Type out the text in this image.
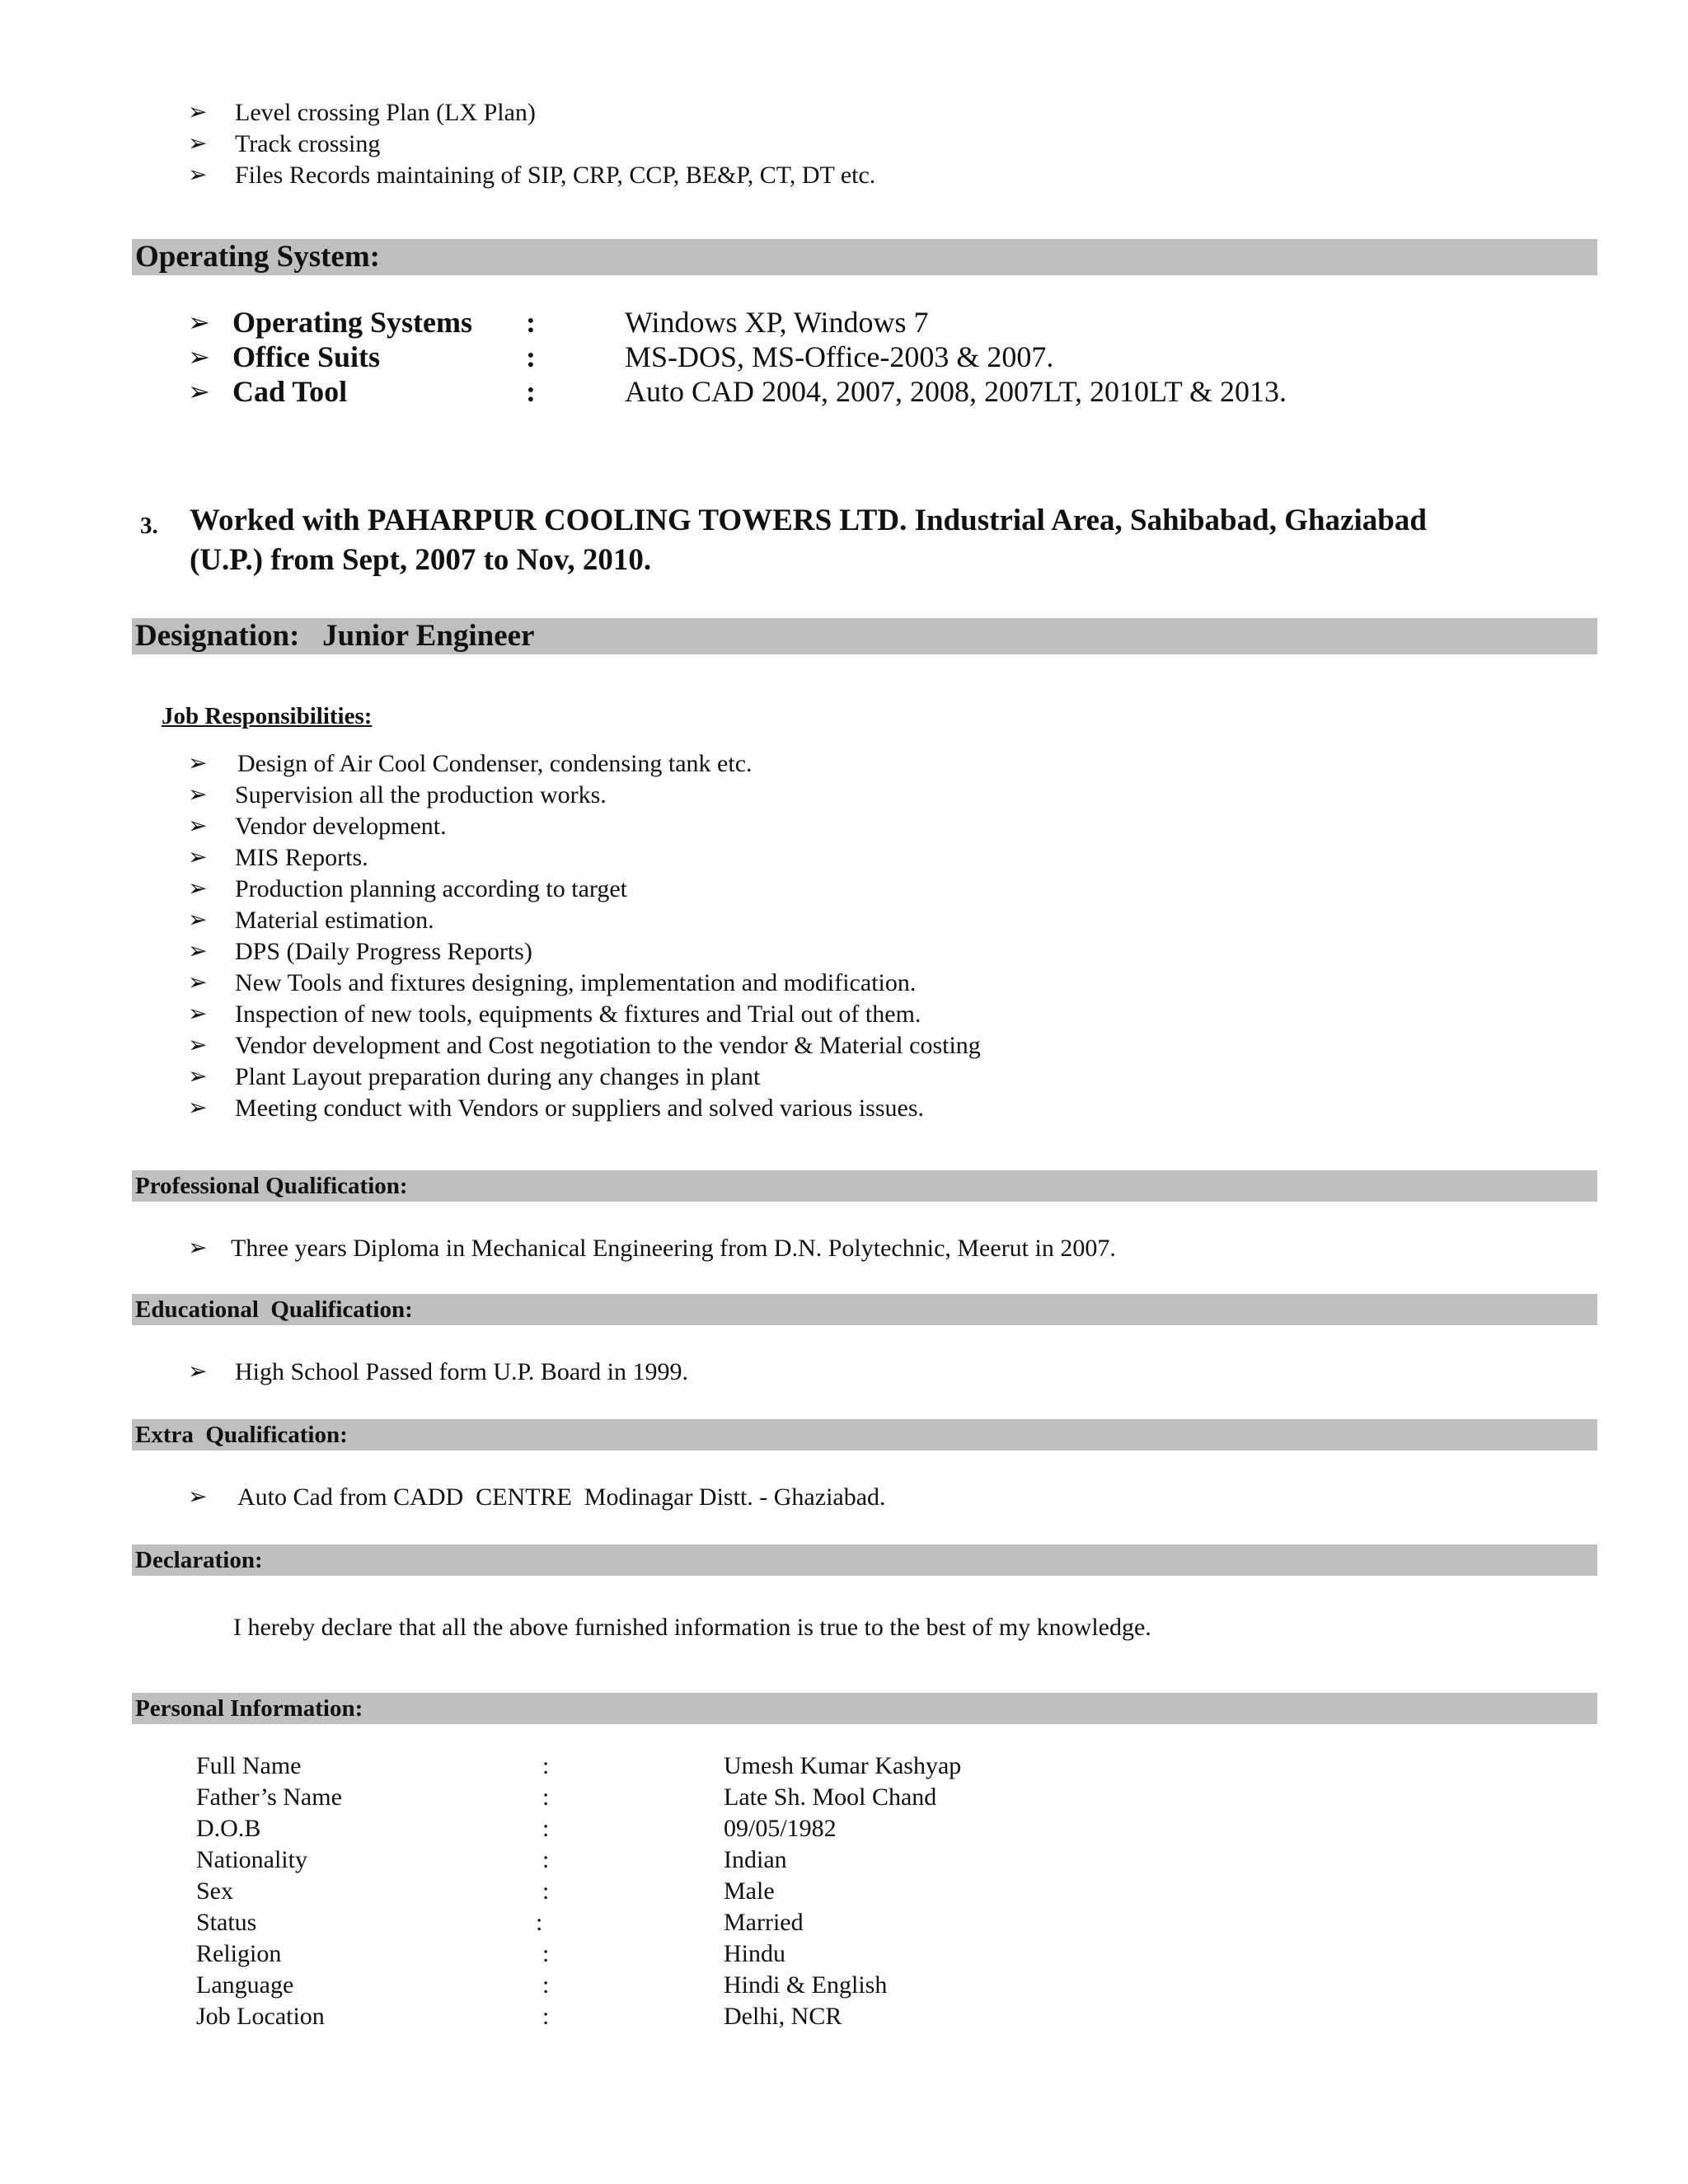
➢ Level crossing Plan (LX Plan)
➢ Track crossing
➢ Files Records maintaining of SIP, CRP, CCP, BE&P, CT, DT etc.
Operating System:
➢ Operating Systems :	Windows XP, Windows 7
➢ Office Suits	:	MS-DOS, MS-Office-2003 & 2007.
➢ Cad Tool	:	Auto CAD 2004, 2007, 2008, 2007LT, 2010LT & 2013.
3. Worked with PAHARPUR COOLING TOWERS LTD. Industrial Area, Sahibabad, Ghaziabad
(U.P.) from Sept, 2007 to Nov, 2010.
Designation:   Junior Engineer
Job Responsibilities:
➢ Design of Air Cool Condenser, condensing tank etc.
➢ Supervision all the production works.
➢ Vendor development.
➢ MIS Reports.
➢ Production planning according to target
➢ Material estimation.
➢ DPS (Daily Progress Reports)
➢ New Tools and fixtures designing, implementation and modification.
➢ Inspection of new tools, equipments & fixtures and Trial out of them.
➢ Vendor development and Cost negotiation to the vendor & Material costing
➢ Plant Layout preparation during any changes in plant
➢ Meeting conduct with Vendors or suppliers and solved various issues.
Professional Qualification:
➢ Three years Diploma in Mechanical Engineering from D.N. Polytechnic, Meerut in 2007.
Educational  Qualification:
➢ High School Passed form U.P. Board in 1999.
Extra  Qualification:
➢ Auto Cad from CADD  CENTRE  Modinagar Distt. - Ghaziabad.
Declaration:
I hereby declare that all the above furnished information is true to the best of my knowledge.
Personal Information:
Full Name	:	Umesh Kumar Kashyap
Father’s Name	:	Late Sh. Mool Chand
D.O.B	:	09/05/1982
Nationality	:	Indian
Sex	:	Male
Status	:	Married
Religion	:	Hindu
Language	:	Hindi & English
Job Location	:	Delhi, NCR
